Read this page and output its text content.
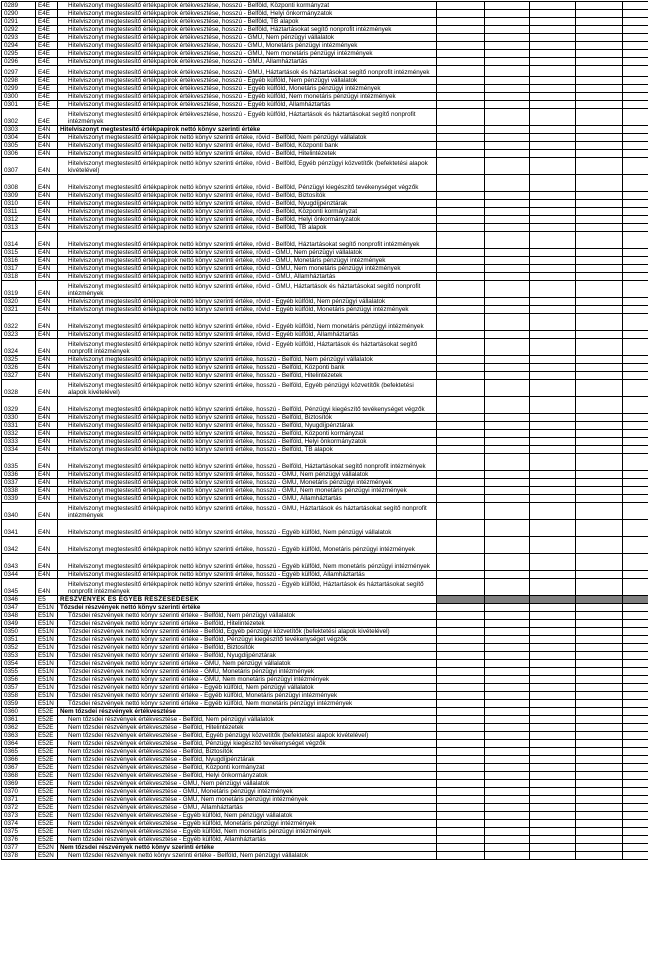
0289	E4E	Hitelviszonyt megtestesítő értékpapírok értékvesztése, hosszú - Belföld, Központi kormányzat						
0290	E4E	Hitelviszonyt megtestesítő értékpapírok értékvesztése, hosszú - Belföld, Helyi önkormányzatok						
0291	E4E	Hitelviszonyt megtestesítő értékpapírok értékvesztése, hosszú - Belföld, TB alapok						
0292	E4E	Hitelviszonyt megtestesítő értékpapírok értékvesztése, hosszú - Belföld, Háztartásokat segítő nonprofit intézmények						
0293	E4E	Hitelviszonyt megtestesítő értékpapírok értékvesztése, hosszú - GMU, Nem pénzügyi vállalatok						
0294	E4E	Hitelviszonyt megtestesítő értékpapírok értékvesztése, hosszú - GMU, Monetáris pénzügyi intézmények						
0295	E4E	Hitelviszonyt megtestesítő értékpapírok értékvesztése, hosszú - GMU, Nem monetáris pénzügyi intézmények						
0296	E4E	Hitelviszonyt megtestesítő értékpapírok értékvesztése, hosszú - GMU, Államháztartás						
0297	E4E	Hitelviszonyt megtestesítő értékpapírok értékvesztése, hosszú - GMU, Háztartások és háztartásokat segítő nonprofit intézmények						
0298	E4E	Hitelviszonyt megtestesítő értékpapírok értékvesztése, hosszú - Egyéb külföld, Nem pénzügyi vállalatok						
0299	E4E	Hitelviszonyt megtestesítő értékpapírok értékvesztése, hosszú - Egyéb külföld, Monetáris pénzügyi intézmények						
0300	E4E	Hitelviszonyt megtestesítő értékpapírok értékvesztése, hosszú - Egyéb külföld, Nem monetáris pénzügyi intézmények						
0301	E4E	Hitelviszonyt megtestesítő értékpapírok értékvesztése, hosszú - Egyéb külföld, Államháztartás						
0302	E4E	Hitelviszonyt megtestesítő értékpapírok értékvesztése, hosszú - Egyéb külföld, Háztartások és háztartásokat segítő nonprofit intézmények						
0303	E4N	Hitelviszonyt megtestesítő értékpapírok nettó könyv szerinti értéke						
0304	E4N	Hitelviszonyt megtestesítő értékpapírok nettó könyv szerinti értéke, rövid - Belföld, Nem pénzügyi vállalatok						
0305	E4N	Hitelviszonyt megtestesítő értékpapírok nettó könyv szerinti értéke, rövid - Belföld, Központi bank						
0306	E4N	Hitelviszonyt megtestesítő értékpapírok nettó könyv szerinti értéke, rövid - Belföld, Hitelintézetek						
0307	E4N	Hitelviszonyt megtestesítő értékpapírok nettó könyv szerinti értéke, rövid - Belföld, Egyéb pénzügyi közvetítők (befektetési alapok kivételével)						
0308	E4N	Hitelviszonyt megtestesítő értékpapírok nettó könyv szerinti értéke, rövid - Belföld, Pénzügyi kiegészítő tevékenységet végzők						
0309	E4N	Hitelviszonyt megtestesítő értékpapírok nettó könyv szerinti értéke, rövid - Belföld, Biztosítók						
0310	E4N	Hitelviszonyt megtestesítő értékpapírok nettó könyv szerinti értéke, rövid - Belföld, Nyugdíjpénztárak						
0311	E4N	Hitelviszonyt megtestesítő értékpapírok nettó könyv szerinti értéke, rövid - Belföld, Központi kormányzat						
0312	E4N	Hitelviszonyt megtestesítő értékpapírok nettó könyv szerinti értéke, rövid - Belföld, Helyi önkormányzatok						
0313	E4N	Hitelviszonyt megtestesítő értékpapírok nettó könyv szerinti értéke, rövid - Belföld, TB alapok						
0314	E4N	Hitelviszonyt megtestesítő értékpapírok nettó könyv szerinti értéke, rövid - Belföld, Háztartásokat segítő nonprofit intézmények						
0315	E4N	Hitelviszonyt megtestesítő értékpapírok nettó könyv szerinti értéke, rövid - GMU, Nem pénzügyi vállalatok						
0316	E4N	Hitelviszonyt megtestesítő értékpapírok nettó könyv szerinti értéke, rövid - GMU, Monetáris pénzügyi intézmények						
0317	E4N	Hitelviszonyt megtestesítő értékpapírok nettó könyv szerinti értéke, rövid - GMU, Nem monetáris pénzügyi intézmények						
0318	E4N	Hitelviszonyt megtestesítő értékpapírok nettó könyv szerinti értéke, rövid - GMU, Államháztartás						
0319	E4N	Hitelviszonyt megtestesítő értékpapírok nettó könyv szerinti értéke, rövid - GMU, Háztartások és háztartásokat segítő nonprofit intézmények						
0320	E4N	Hitelviszonyt megtestesítő értékpapírok nettó könyv szerinti értéke, rövid - Egyéb külföld, Nem pénzügyi vállalatok						
0321	E4N	Hitelviszonyt megtestesítő értékpapírok nettó könyv szerinti értéke, rövid - Egyéb külföld, Monetáris pénzügyi intézmények						
0322	E4N	Hitelviszonyt megtestesítő értékpapírok nettó könyv szerinti értéke, rövid - Egyéb külföld, Nem monetáris pénzügyi intézmények						
0323	E4N	Hitelviszonyt megtestesítő értékpapírok nettó könyv szerinti értéke, rövid - Egyéb külföld, Államháztartás						
0324	E4N	Hitelviszonyt megtestesítő értékpapírok nettó könyv szerinti értéke, rövid - Egyéb külföld, Háztartások és háztartásokat segítő nonprofit intézmények						
0325	E4N	Hitelviszonyt megtestesítő értékpapírok nettó könyv szerinti értéke, hosszú - Belföld, Nem pénzügyi vállalatok						
0326	E4N	Hitelviszonyt megtestesítő értékpapírok nettó könyv szerinti értéke, hosszú - Belföld, Központi bank						
0327	E4N	Hitelviszonyt megtestesítő értékpapírok nettó könyv szerinti értéke, hosszú - Belföld, Hitelintézetek						
0328	E4N	Hitelviszonyt megtestesítő értékpapírok nettó könyv szerinti értéke, hosszú - Belföld, Egyéb pénzügyi közvetítők (befektetési alapok kivételével)						
0329	E4N	Hitelviszonyt megtestesítő értékpapírok nettó könyv szerinti értéke, hosszú - Belföld, Pénzügyi kiegészítő tevékenységet végzők						
0330	E4N	Hitelviszonyt megtestesítő értékpapírok nettó könyv szerinti értéke, hosszú - Belföld, Biztosítók						
0331	E4N	Hitelviszonyt megtestesítő értékpapírok nettó könyv szerinti értéke, hosszú - Belföld, Nyugdíjpénztárak						
0332	E4N	Hitelviszonyt megtestesítő értékpapírok nettó könyv szerinti értéke, hosszú - Belföld, Központi kormányzat						
0333	E4N	Hitelviszonyt megtestesítő értékpapírok nettó könyv szerinti értéke, hosszú - Belföld, Helyi önkormányzatok						
0334	E4N	Hitelviszonyt megtestesítő értékpapírok nettó könyv szerinti értéke, hosszú - Belföld, TB alapok						
0335	E4N	Hitelviszonyt megtestesítő értékpapírok nettó könyv szerinti értéke, hosszú - Belföld, Háztartásokat segítő nonprofit intézmények						
0336	E4N	Hitelviszonyt megtestesítő értékpapírok nettó könyv szerinti értéke, hosszú - GMU, Nem pénzügyi vállalatok						
0337	E4N	Hitelviszonyt megtestesítő értékpapírok nettó könyv szerinti értéke, hosszú - GMU, Monetáris pénzügyi intézmények						
0338	E4N	Hitelviszonyt megtestesítő értékpapírok nettó könyv szerinti értéke, hosszú - GMU, Nem monetáris pénzügyi intézmények						
0339	E4N	Hitelviszonyt megtestesítő értékpapírok nettó könyv szerinti értéke, hosszú - GMU, Államháztartás						
0340	E4N	Hitelviszonyt megtestesítő értékpapírok nettó könyv szerinti értéke, hosszú - GMU, Háztartások és háztartásokat segítő nonprofit intézmények						
0341	E4N	Hitelviszonyt megtestesítő értékpapírok nettó könyv szerinti értéke, hosszú - Egyéb külföld, Nem pénzügyi vállalatok						
0342	E4N	Hitelviszonyt megtestesítő értékpapírok nettó könyv szerinti értéke, hosszú - Egyéb külföld, Monetáris pénzügyi intézmények						
0343	E4N	Hitelviszonyt megtestesítő értékpapírok nettó könyv szerinti értéke, hosszú - Egyéb külföld, Nem monetáris pénzügyi intézmények						
0344	E4N	Hitelviszonyt megtestesítő értékpapírok nettó könyv szerinti értéke, hosszú - Egyéb külföld, Államháztartás						
0345	E4N	Hitelviszonyt megtestesítő értékpapírok nettó könyv szerinti értéke, hosszú - Egyéb külföld, Háztartások és háztartásokat segítő nonprofit intézmények						
0346	E5	RÉSZVÉNYEK ÉS EGYÉB RÉSZESEDÉSEK						
0347	E51N	Tőzsdei részvények nettó könyv szerinti értéke						
0348	E51N	Tőzsdei részvények nettó könyv szerinti értéke - Belföld, Nem pénzügyi vállalatok						
0349	E51N	Tőzsdei részvények nettó könyv szerinti értéke - Belföld, Hitelintézetek						
0350	E51N	Tőzsdei részvények nettó könyv szerinti értéke - Belföld, Egyéb pénzügyi közvetítők (befektetési alapok kivételével)						
0351	E51N	Tőzsdei részvények nettó könyv szerinti értéke - Belföld, Pénzügyi kiegészítő tevékenységet végzők						
0352	E51N	Tőzsdei részvények nettó könyv szerinti értéke - Belföld, Biztosítók						
0353	E51N	Tőzsdei részvények nettó könyv szerinti értéke - Belföld, Nyugdíjpénztárak						
0354	E51N	Tőzsdei részvények nettó könyv szerinti értéke - GMU, Nem pénzügyi vállalatok						
0355	E51N	Tőzsdei részvények nettó könyv szerinti értéke - GMU, Monetáris pénzügyi intézmények						
0356	E51N	Tőzsdei részvények nettó könyv szerinti értéke - GMU, Nem monetáris pénzügyi intézmények						
0357	E51N	Tőzsdei részvények nettó könyv szerinti értéke - Egyéb külföld, Nem pénzügyi vállalatok						
0358	E51N	Tőzsdei részvények nettó könyv szerinti értéke - Egyéb külföld, Monetáris pénzügyi intézmények						
0359	E51N	Tőzsdei részvények nettó könyv szerinti értéke - Egyéb külföld, Nem monetáris pénzügyi intézmények						
0360	E52E	Nem tőzsdei részvények értékvesztése						
0361	E52E	Nem tőzsdei részvények értékvesztése - Belföld, Nem pénzügyi vállalatok						
0362	E52E	Nem tőzsdei részvények értékvesztése - Belföld, Hitelintézetek						
0363	E52E	Nem tőzsdei részvények értékvesztése - Belföld, Egyéb pénzügyi közvetítők (befektetési alapok kivételével)						
0364	E52E	Nem tőzsdei részvények értékvesztése - Belföld, Pénzügyi kiegészítő tevékenységet végzők						
0365	E52E	Nem tőzsdei részvények értékvesztése - Belföld, Biztosítók						
0366	E52E	Nem tőzsdei részvények értékvesztése - Belföld, Nyugdíjpénztárak						
0367	E52E	Nem tőzsdei részvények értékvesztése - Belföld, Központi kormányzat						
0368	E52E	Nem tőzsdei részvények értékvesztése - Belföld, Helyi önkormányzatok						
0369	E52E	Nem tőzsdei részvények értékvesztése - GMU, Nem pénzügyi vállalatok						
0370	E52E	Nem tőzsdei részvények értékvesztése - GMU, Monetáris pénzügyi intézmények						
0371	E52E	Nem tőzsdei részvények értékvesztése - GMU, Nem monetáris pénzügyi intézmények						
0372	E52E	Nem tőzsdei részvények értékvesztése - GMU, Államháztartás						
0373	E52E	Nem tőzsdei részvények értékvesztése - Egyéb külföld, Nem pénzügyi vállalatok						
0374	E52E	Nem tőzsdei részvények értékvesztése - Egyéb külföld, Monetáris pénzügyi intézmények						
0375	E52E	Nem tőzsdei részvények értékvesztése - Egyéb külföld, Nem monetáris pénzügyi intézmények						
0376	E52E	Nem tőzsdei részvények értékvesztése - Egyéb külföld, Államháztartás						
0377	E52N	Nem tőzsdei részvények nettó könyv szerinti értéke						
0378	E52N	Nem tőzsdei részvények nettó könyv szerinti értéke - Belföld, Nem pénzügyi vállalatok						
